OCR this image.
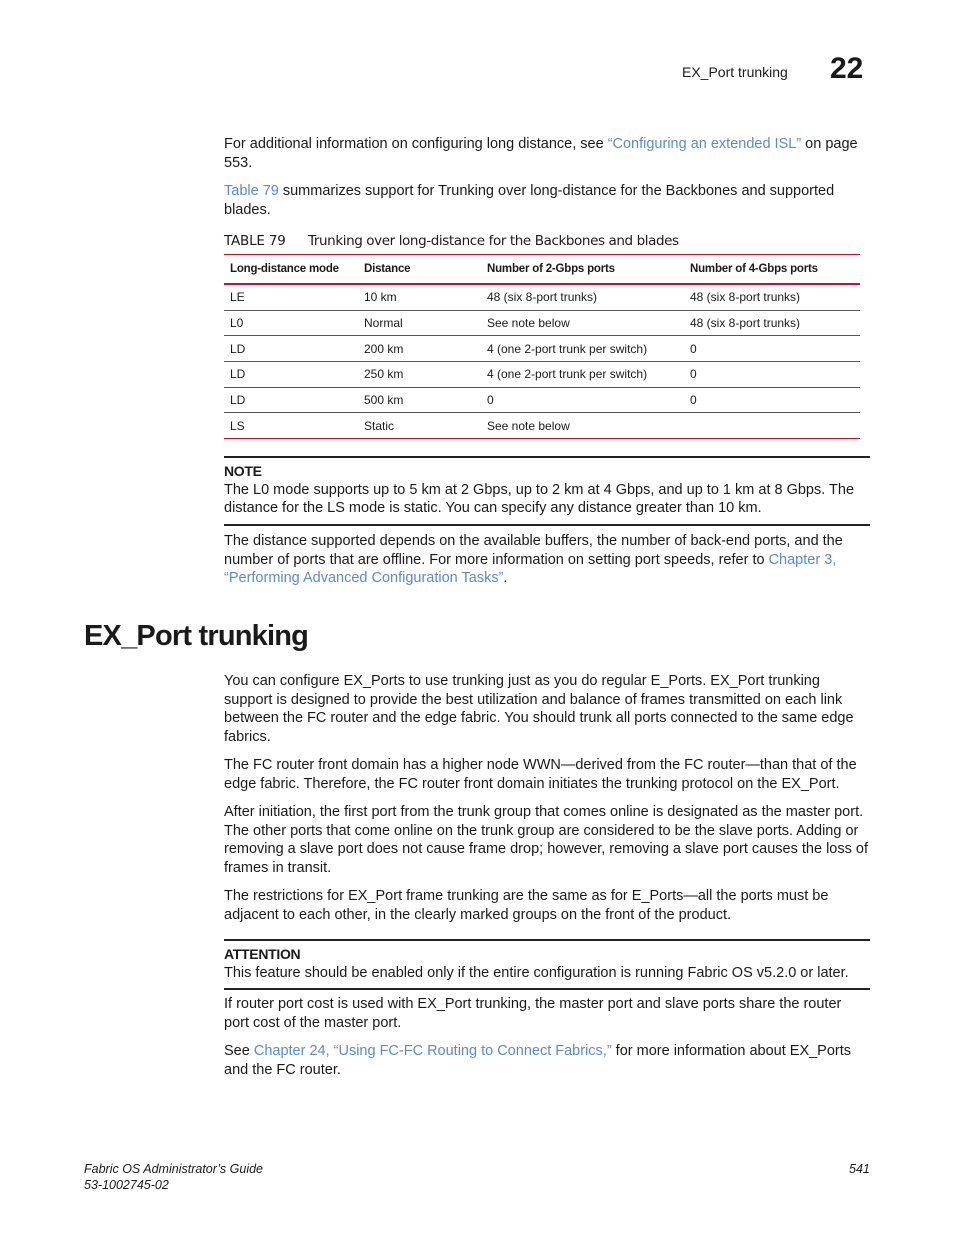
EX_Port trunking 22

For additional information on configuring long distance, see “Configuring an extended ISL” on page 553.

Table 79 summarizes support for Trunking over long-distance for the Backbones and supported blades.

TABLE 79 Trunking over long-distance for the Backbones and blades
Long-distance mode	Distance	Number of 2-Gbps ports	Number of 4-Gbps ports
LE	10 km	48 (six 8-port trunks)	48 (six 8-port trunks)
L0	Normal	See note below	48 (six 8-port trunks)
LD	200 km	4 (one 2-port trunk per switch)	0
LD	250 km	4 (one 2-port trunk per switch)	0
LD	500 km	0	0
LS	Static	See note below	
NOTE

The L0 mode supports up to 5 km at 2 Gbps, up to 2 km at 4 Gbps, and up to 1 km at 8 Gbps. The distance for the LS mode is static. You can specify any distance greater than 10 km.

The distance supported depends on the available buffers, the number of back-end ports, and the number of ports that are offline. For more information on setting port speeds, refer to Chapter 3, “Performing Advanced Configuration Tasks”.

EX_Port trunking

You can configure EX_Ports to use trunking just as you do regular E_Ports. EX_Port trunking support is designed to provide the best utilization and balance of frames transmitted on each link between the FC router and the edge fabric. You should trunk all ports connected to the same edge fabrics.

The FC router front domain has a higher node WWN—derived from the FC router—than that of the edge fabric. Therefore, the FC router front domain initiates the trunking protocol on the EX_Port.

After initiation, the first port from the trunk group that comes online is designated as the master port. The other ports that come online on the trunk group are considered to be the slave ports. Adding or removing a slave port does not cause frame drop; however, removing a slave port causes the loss of frames in transit.

The restrictions for EX_Port frame trunking are the same as for E_Ports—all the ports must be adjacent to each other, in the clearly marked groups on the front of the product.

ATTENTION

This feature should be enabled only if the entire configuration is running Fabric OS v5.2.0 or later.

If router port cost is used with EX_Port trunking, the master port and slave ports share the router port cost of the master port.

See Chapter 24, “Using FC-FC Routing to Connect Fabrics,” for more information about EX_Ports and the FC router.

Fabric OS Administrator’s Guide
53-1002745-02
541
